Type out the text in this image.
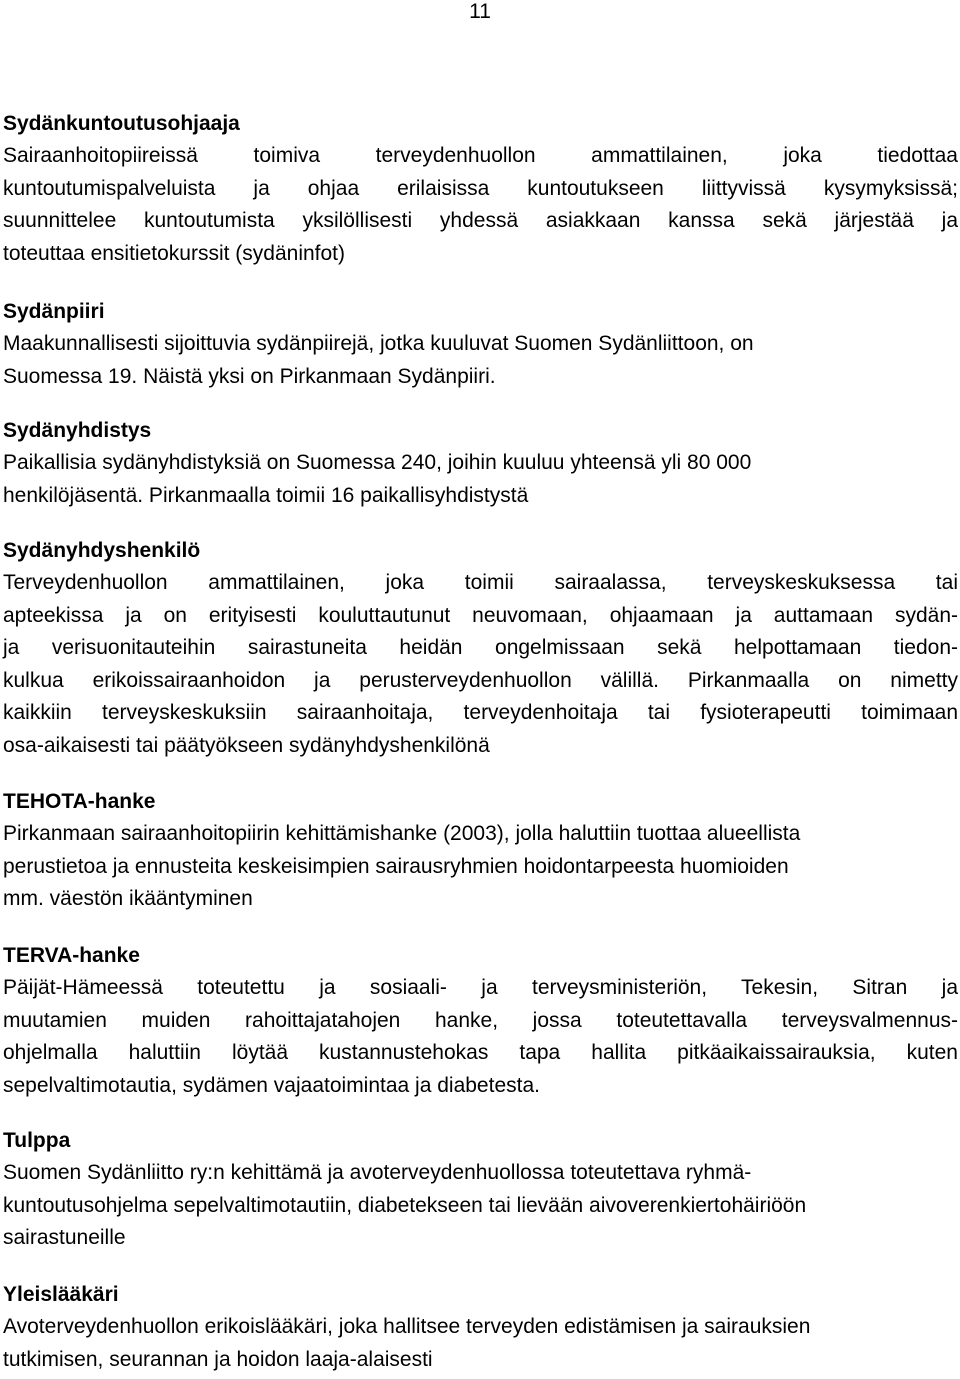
11
Sydänkuntoutusohjaaja
Sairaanhoitopiireissä toimiva terveydenhuollon ammattilainen, joka tiedottaa
kuntoutumispalveluista ja ohjaa erilaisissa kuntoutukseen liittyvissä kysymyksissä;
suunnittelee kuntoutumista yksilöllisesti yhdessä asiakkaan kanssa sekä järjestää ja
toteuttaa ensitietokurssit (sydäninfot)
Sydänpiiri
Maakunnallisesti sijoittuvia sydänpiirejä, jotka kuuluvat Suomen Sydänliittoon, on
Suomessa 19. Näistä yksi on Pirkanmaan Sydänpiiri.
Sydänyhdistys
Paikallisia sydänyhdistyksiä on Suomessa 240, joihin kuuluu yhteensä yli 80 000
henkilöjäsentä. Pirkanmaalla toimii 16 paikallisyhdistystä
Sydänyhdyshenkilö
Terveydenhuollon ammattilainen, joka toimii sairaalassa, terveyskeskuksessa tai
apteekissa ja on erityisesti kouluttautunut neuvomaan, ohjaamaan ja auttamaan sydän-
ja verisuonitauteihin sairastuneita heidän ongelmissaan sekä helpottamaan tiedon-
kulkua erikoissairaanhoidon ja perusterveydenhuollon välillä. Pirkanmaalla on nimetty
kaikkiin terveyskeskuksiin sairaanhoitaja, terveydenhoitaja tai fysioterapeutti toimimaan
osa-aikaisesti tai päätyökseen sydänyhdyshenkilönä
TEHOTA-hanke
Pirkanmaan sairaanhoitopiirin kehittämishanke (2003), jolla haluttiin tuottaa alueellista
perustietoa ja ennusteita keskeisimpien sairausryhmien hoidontarpeesta huomioiden
mm. väestön ikääntyminen
TERVA-hanke
Päijät-Hämeessä toteutettu ja sosiaali- ja terveysministeriön, Tekesin, Sitran ja
muutamien muiden rahoittajatahojen hanke, jossa toteutettavalla terveysvalmennus-
ohjelmalla haluttiin löytää kustannustehokas tapa hallita pitkäaikaissairauksia, kuten
sepelvaltimotautia, sydämen vajaatoimintaa ja diabetesta.
Tulppa
Suomen Sydänliitto ry:n kehittämä ja avoterveydenhuollossa toteutettava ryhmä-
kuntoutusohjelma sepelvaltimotautiin, diabetekseen tai lievään aivoverenkiertohäiriöön
sairastuneille
Yleislääkäri
Avoterveydenhuollon erikoislääkäri, joka hallitsee terveyden edistämisen ja sairauksien
tutkimisen, seurannan ja hoidon laaja-alaisesti
